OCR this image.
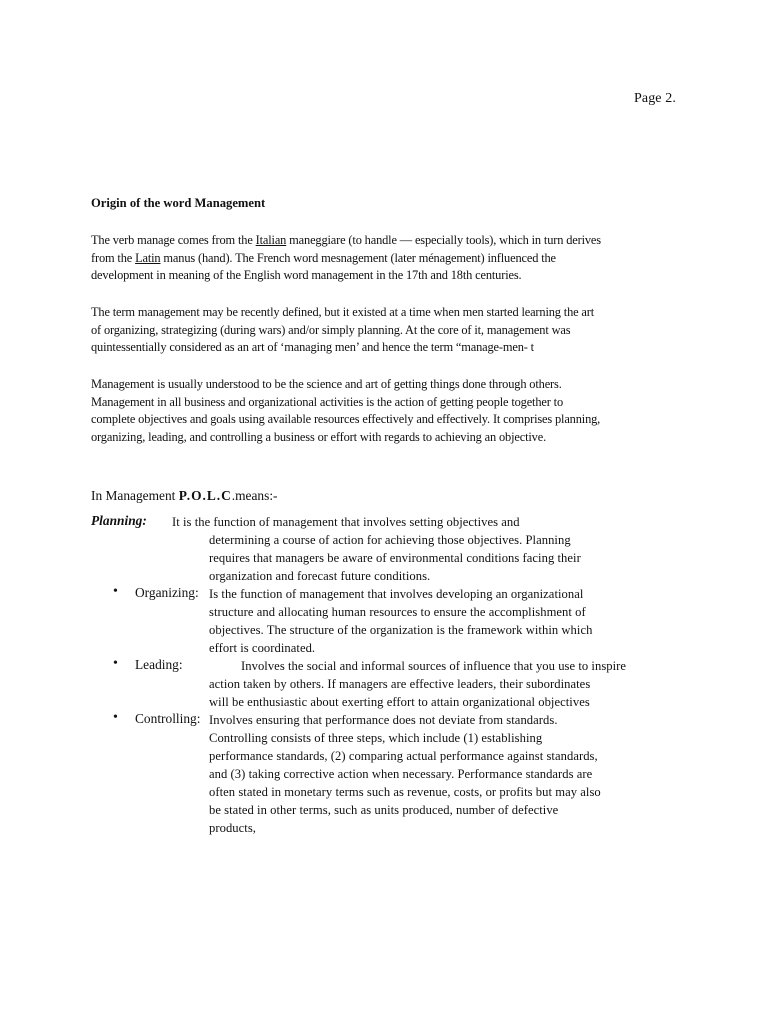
Page 2.
Origin of the word Management
The verb manage comes from the Italian maneggiare (to handle — especially tools), which in turn derives
from the Latin manus (hand). The French word mesnagement (later ménagement) influenced the
development in meaning of the English word management in the 17th and 18th centuries.
The term management may be recently defined, but it existed at a time when men started learning the art
of organizing, strategizing (during wars) and/or simply planning. At the core of it, management was
quintessentially considered as an art of ‘managing men’ and hence the term “manage-men- t
Management is usually understood to be the science and art of getting things done through others.
Management in all business and organizational activities is the action of getting people together to
complete objectives and goals using available resources effectively and effectively. It comprises planning,
organizing, leading, and controlling a business or effort with regards to achieving an objective.
In Management P.O.L.C.means:-
Planning: It is the function of management that involves setting objectives and
determining a course of action for achieving those objectives. Planning
requires that managers be aware of environmental conditions facing their
organization and forecast future conditions.
• Organizing: Is the function of management that involves developing an organizational
structure and allocating human resources to ensure the accomplishment of
objectives. The structure of the organization is the framework within which
effort is coordinated.
• Leading:	Involves the social and informal sources of influence that you use to inspire
action taken by others. If managers are effective leaders, their subordinates
will be enthusiastic about exerting effort to attain organizational objectives
• Controlling: Involves ensuring that performance does not deviate from standards.
Controlling consists of three steps, which include (1) establishing
performance standards, (2) comparing actual performance against standards,
and (3) taking corrective action when necessary. Performance standards are
often stated in monetary terms such as revenue, costs, or profits but may also
be stated in other terms, such as units produced, number of defective
products,
